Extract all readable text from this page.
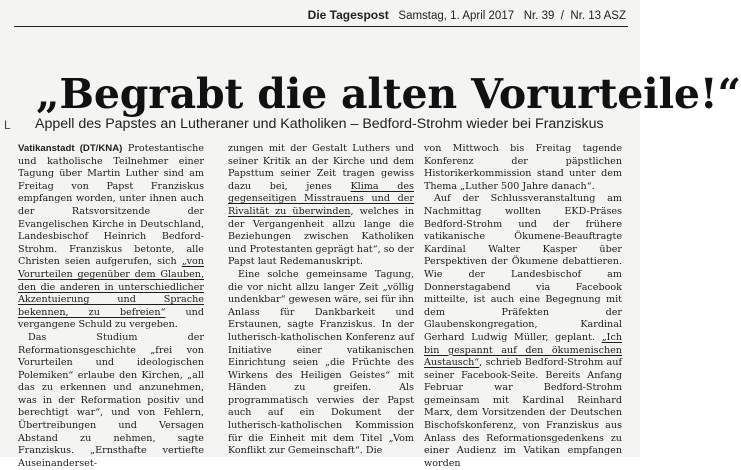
Die Tagespost Samstag, 1. April 2017 Nr. 39 / Nr. 13 ASZ
„Begrabt die alten Vorurteile!“
L Appell des Papstes an Lutheraner und Katholiken – Bedford-Strohm wieder bei Franziskus

Vatikanstadt (DT/KNA) Protestantische und katholische Teilnehmer einer Tagung über Martin Luther sind am Freitag von Papst Franziskus empfangen worden, unter ihnen auch der Ratsvorsitzende der Evangelischen Kirche in Deutschland, Landesbischof Heinrich Bedford-Strohm. Franziskus betonte, alle Christen seien aufgerufen, sich „von Vorurteilen gegenüber dem Glauben, den die anderen in unterschiedlicher Akzentuierung und Sprache bekennen, zu befreien“ und vergangene Schuld zu vergeben.

Das Studium der Reformationsgeschichte „frei von Vorurteilen und ideologischen Polemiken“ erlaube den Kirchen, „all das zu erkennen und anzunehmen, was in der Reformation positiv und berechtigt war“, und von Fehlern, Übertreibungen und Versagen Abstand zu nehmen, sagte Franziskus. „Ernsthafte vertiefte Auseinanderset-

zungen mit der Gestalt Luthers und seiner Kritik an der Kirche und dem Papsttum seiner Zeit tragen gewiss dazu bei, jenes Klima des gegenseitigen Misstrauens und der Rivalität zu überwinden, welches in der Vergangenheit allzu lange die Beziehungen zwischen Katholiken und Protestanten geprägt hat“, so der Papst laut Redemanuskript.

Eine solche gemeinsame Tagung, die vor nicht allzu langer Zeit „völlig undenkbar“ gewesen wäre, sei für ihn Anlass für Dankbarkeit und Erstaunen, sagte Franziskus. In der lutherisch-katholischen Konferenz auf Initiative einer vatikanischen Einrichtung seien „die Früchte des Wirkens des Heiligen Geistes“ mit Händen zu greifen. Als programmatisch verwies der Papst auch auf ein Dokument der lutherisch-katholischen Kommission für die Einheit mit dem Titel „Vom Konflikt zur Gemeinschaft“. Die

von Mittwoch bis Freitag tagende Konferenz der päpstlichen Historikerkommission stand unter dem Thema „Luther 500 Jahre danach“.

Auf der Schlussveranstaltung am Nachmittag wollten EKD-Präses Bedford-Strohm und der frühere vatikanische Ökumene-Beauftragte Kardinal Walter Kasper über Perspektiven der Ökumene debattieren. Wie der Landesbischof am Donnerstagabend via Facebook mitteilte, ist auch eine Begegnung mit dem Präfekten der Glaubenskongregation, Kardinal Gerhard Ludwig Müller, geplant. „Ich bin gespannt auf den ökumenischen Austausch“, schrieb Bedford-Strohm auf seiner Facebook-Seite. Bereits Anfang Februar war Bedford-Strohm gemeinsam mit Kardinal Reinhard Marx, dem Vorsitzenden der Deutschen Bischofskonferenz, von Franziskus aus Anlass des Reformationsgedenkens zu einer Audienz im Vatikan empfangen worden
